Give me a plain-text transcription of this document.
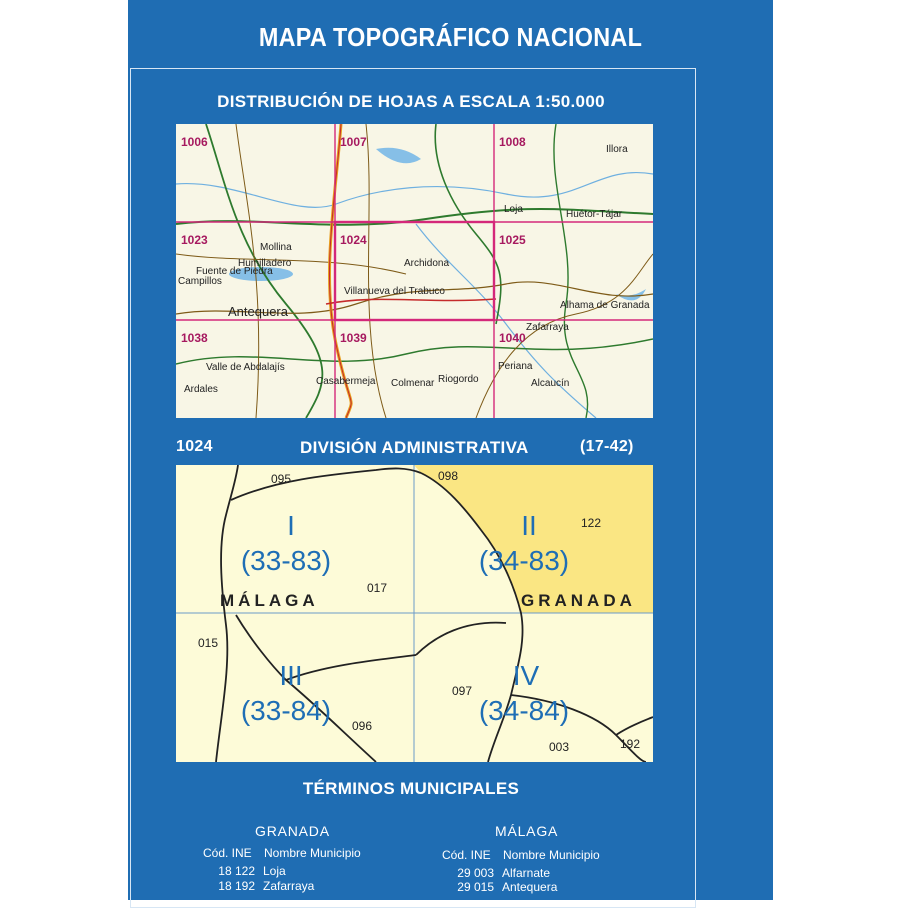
MAPA TOPOGRÁFICO NACIONAL
DISTRIBUCIÓN DE HOJAS A ESCALA 1:50.000
1006	1007	1008
1023	1024	1025
1038	1039	1040
Antequera
Villanueva del Trabuco
Archidona
Huétor-Tájar
Alhama de Granada
Alcaucín
Loja
Periana
Colmenar
Valle de Abdalajís
Campillos
Mollina
Humilladero
Fuente de Piedra
Ardales
Casabermeja
Illora
Zafarraya
Riogordo
1024	DIVISIÓN ADMINISTRATIVA	(17-42)
I
(33-83)
II
(34-83)
III
(33-84)
IV
(34-84)
MÁLAGA	GRANADA
095	098
122
017
015
097
096
003	192
TÉRMINOS MUNICIPALES
GRANADA
Cód. INE Nombre Municipio
18 122 Loja
18 192 Zafarraya
MÁLAGA
Cód. INE Nombre Municipio
29 003 Alfarnate
29 015 Antequera
